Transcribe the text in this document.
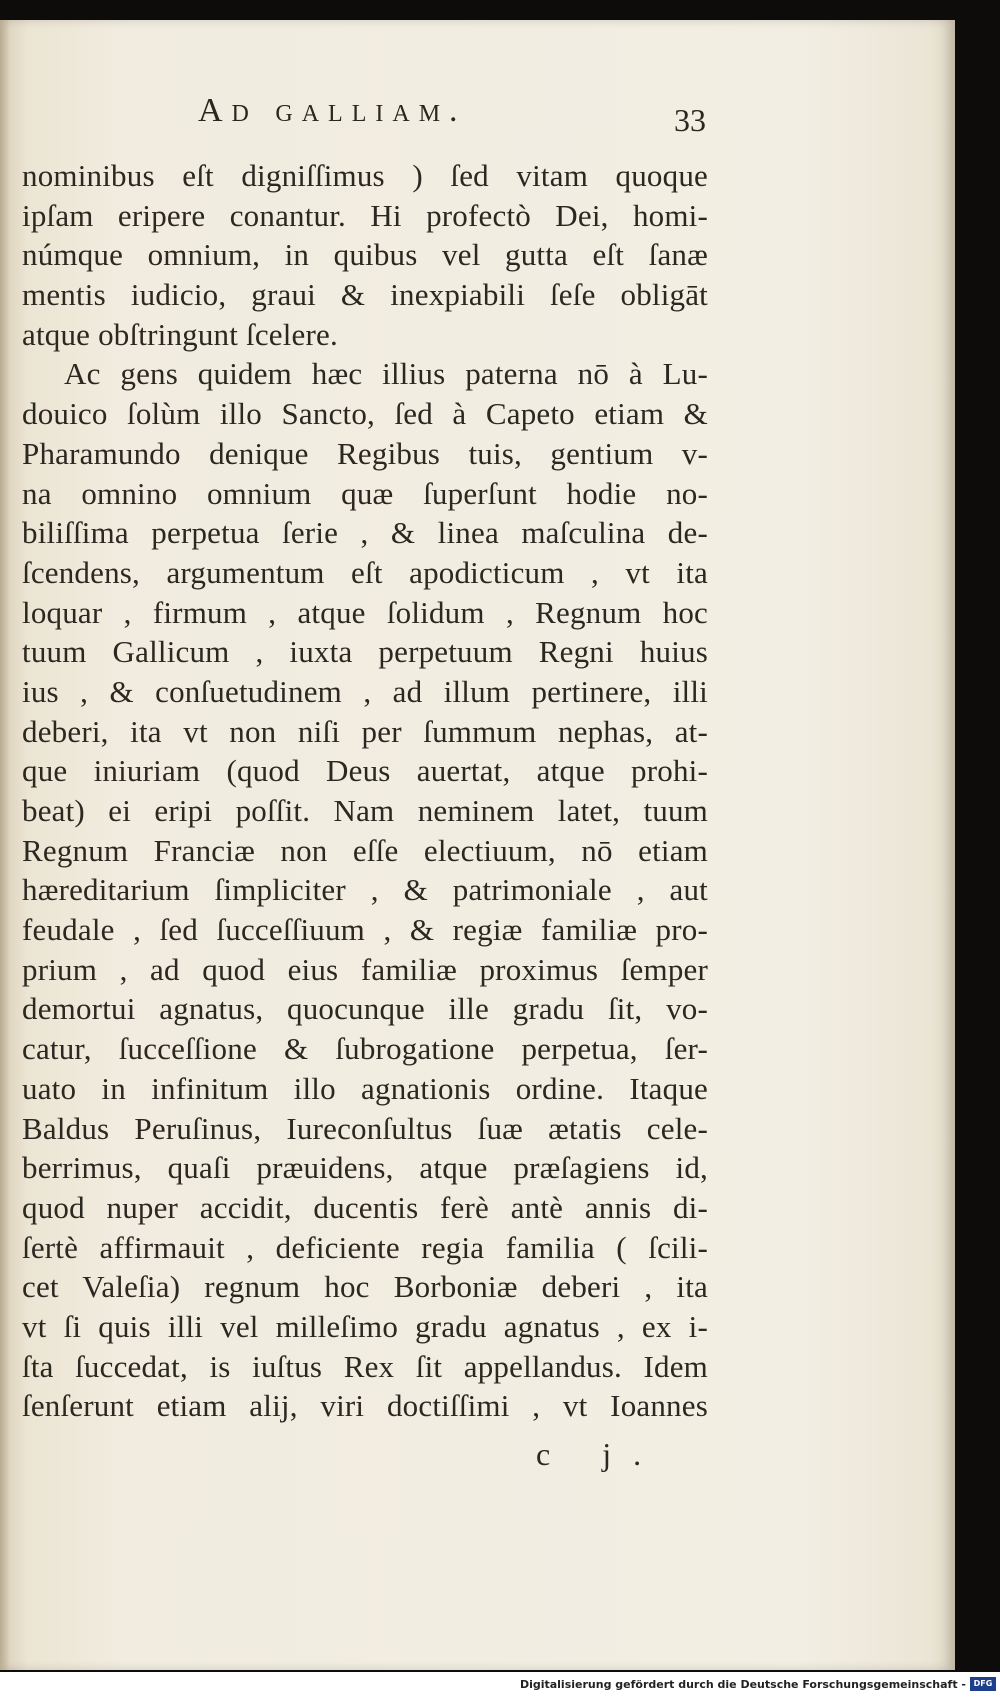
Ad galliam.	33
nominibus eſt digniſſimus ) ſed vitam quoque
ipſam eripere conantur. Hi profectò Dei, homi-
númque omnium, in quibus vel gutta eſt ſanæ
mentis iudicio, graui & inexpiabili ſeſe obligāt
atque obſtringunt ſcelere.
Ac gens quidem hæc illius paterna nō à Lu-
douico ſolùm illo Sancto, ſed à Capeto etiam &
Pharamundo denique Regibus tuis, gentium v-
na omnino omnium quæ ſuperſunt hodie no-
biliſſima perpetua ſerie , & linea maſculina de-
ſcendens, argumentum eſt apodicticum , vt ita
loquar , firmum , atque ſolidum , Regnum hoc
tuum Gallicum , iuxta perpetuum Regni huius
ius , & conſuetudinem , ad illum pertinere, illi
deberi, ita vt non niſi per ſummum nephas, at-
que iniuriam (quod Deus auertat, atque prohi-
beat) ei eripi poſſit. Nam neminem latet, tuum
Regnum Franciæ non eſſe electiuum, nō etiam
hæreditarium ſimpliciter , & patrimoniale , aut
feudale , ſed ſucceſſiuum , & regiæ familiæ pro-
prium , ad quod eius familiæ proximus ſemper
demortui agnatus, quocunque ille gradu ſit, vo-
catur, ſucceſſione & ſubrogatione perpetua, ſer-
uato in infinitum illo agnationis ordine. Itaque
Baldus Peruſinus, Iureconſultus ſuæ ætatis cele-
berrimus, quaſi præuidens, atque præſagiens id,
quod nuper accidit, ducentis ferè antè annis di-
ſertè affirmauit , deficiente regia familia ( ſcili-
cet Valeſia) regnum hoc Borboniæ deberi , ita
vt ſi quis illi vel milleſimo gradu agnatus , ex i-
ſta ſuccedat, is iuſtus Rex ſit appellandus. Idem
ſenſerunt etiam alij, viri doctiſſimi , vt Ioannes
c j.
Digitalisierung gefördert durch die Deutsche Forschungsgemeinschaft - DFG
